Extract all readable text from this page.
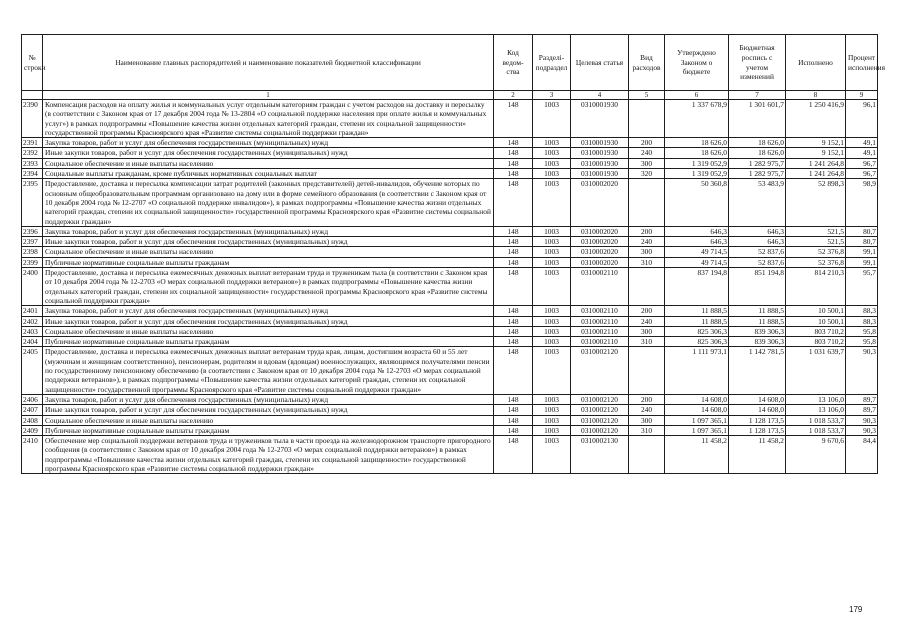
№ строки	Наименование главных распорядителей и наименование показателей бюджетной классификации	Код ведом- ства	Разделі- подраздел	Целевая статья	Вид расходов	Утверждено Законом о бюджете	Бюджетная роспись с учетом изменений	Исполнено	Процент исполнения
	1	2	3	4	5	6	7	8	9
2390	Компенсация расходов на оплату жилья и коммунальных услуг отдельным категориям граждан с учетом расходов на доставку и пересылку (в соответствии с Законом края от 17 декабря 2004 года № 13-2804 «О социальной поддержке населения при оплате жилья и коммунальных услуг») в рамках подпрограммы «Повышение качества жизни отдельных категорий граждан, степени их социальной защищенности» государственной программы Красноярского края «Развитие системы социальной поддержки граждан»	148	1003	0310001930		1 337 678,9	1 301 601,7	1 250 416,9	96,1
2391	Закупка товаров, работ и услуг для обеспечения государственных (муниципальных) нужд	148	1003	0310001930	200	18 626,0	18 626,0	9 152,1	49,1
2392	Иные закупки товаров, работ и услуг для обеспечения государственных (муниципальных) нужд	148	1003	0310001930	240	18 626,0	18 626,0	9 152,1	49,1
2393	Социальное обеспечение и иные выплаты населению	148	1003	0310001930	300	1 319 052,9	1 282 975,7	1 241 264,8	96,7
2394	Социальные выплаты гражданам, кроме публичных нормативных социальных выплат	148	1003	0310001930	320	1 319 052,9	1 282 975,7	1 241 264,8	96,7
2395	Предоставление, доставка и пересылка компенсации затрат родителей (законных представителей) детей-инвалидов, обучение которых по основным общеобразовательным программам организовано на дому или в форме семейного образования (в соответствии с Законом края от 10 декабря 2004 года № 12-2707 «О социальной поддержке инвалидов»), в рамках подпрограммы «Повышение качества жизни отдельных категорий граждан, степени их социальной защищенности» государственной программы Красноярского края «Развитие системы социальной поддержки граждан»	148	1003	0310002020		50 360,8	53 483,9	52 898,3	98,9
2396	Закупка товаров, работ и услуг для обеспечения государственных (муниципальных) нужд	148	1003	0310002020	200	646,3	646,3	521,5	80,7
2397	Иные закупки товаров, работ и услуг для обеспечения государственных (муниципальных) нужд	148	1003	0310002020	240	646,3	646,3	521,5	80,7
2398	Социальное обеспечение и иные выплаты населению	148	1003	0310002020	300	49 714,5	52 837,6	52 376,8	99,1
2399	Публичные нормативные социальные выплаты гражданам	148	1003	0310002020	310	49 714,5	52 837,6	52 376,8	99,1
2400	Предоставление, доставка и пересылка ежемесячных денежных выплат ветеранам труда и труженикам тыла (в соответствии с Законом края от 10 декабря 2004 года № 12-2703 «О мерах социальной поддержки ветеранов») в рамках подпрограммы «Повышение качества жизни отдельных категорий граждан, степени их социальной защищенности» государственной программы Красноярского края «Развитие системы социальной поддержки граждан»	148	1003	0310002110		837 194,8	851 194,8	814 210,3	95,7
2401	Закупка товаров, работ и услуг для обеспечения государственных (муниципальных) нужд	148	1003	0310002110	200	11 888,5	11 888,5	10 500,1	88,3
2402	Иные закупки товаров, работ и услуг для обеспечения государственных (муниципальных) нужд	148	1003	0310002110	240	11 888,5	11 888,5	10 500,1	88,3
2403	Социальное обеспечение и иные выплаты населению	148	1003	0310002110	300	825 306,3	839 306,3	803 710,2	95,8
2404	Публичные нормативные социальные выплаты гражданам	148	1003	0310002110	310	825 306,3	839 306,3	803 710,2	95,8
2405	Предоставление, доставка и пересылка ежемесячных денежных выплат ветеранам труда края, лицам, достигшим возраста 60 и 55 лет (мужчинам и женщинам соответственно), пенсионерам, родителям и вдовам (вдовцам) военнослужащих, являющимся получателями пенсии по государственному пенсионному обеспечению (в соответствии с Законом края от 10 декабря 2004 года № 12-2703 «О мерах социальной поддержки ветеранов»), в рамках подпрограммы «Повышение качества жизни отдельных категорий граждан, степени их социальной защищенности» государственной программы Красноярского края «Развитие системы социальной поддержки граждан»	148	1003	0310002120		1 111 973,1	1 142 781,5	1 031 639,7	90,3
2406	Закупка товаров, работ и услуг для обеспечения государственных (муниципальных) нужд	148	1003	0310002120	200	14 608,0	14 608,0	13 106,0	89,7
2407	Иные закупки товаров, работ и услуг для обеспечения государственных (муниципальных) нужд	148	1003	0310002120	240	14 608,0	14 608,0	13 106,0	89,7
2408	Социальное обеспечение и иные выплаты населению	148	1003	0310002120	300	1 097 365,1	1 128 173,5	1 018 533,7	90,3
2409	Публичные нормативные социальные выплаты гражданам	148	1003	0310002120	310	1 097 365,1	1 128 173,5	1 018 533,7	90,3
2410	Обеспечение мер социальной поддержки ветеранов труда и тружеников тыла в части проезда на железнодорожном транспорте пригородного сообщения (в соответствии с Законом края от 10 декабря 2004 года № 12-2703 «О мерах социальной поддержки ветеранов») в рамках подпрограммы «Повышение качества жизни отдельных категорий граждан, степени их социальной защищенности» государственной программы Красноярского края «Развитие системы социальной поддержки граждан»	148	1003	0310002130		11 458,2	11 458,2	9 670,6	84,4
179
